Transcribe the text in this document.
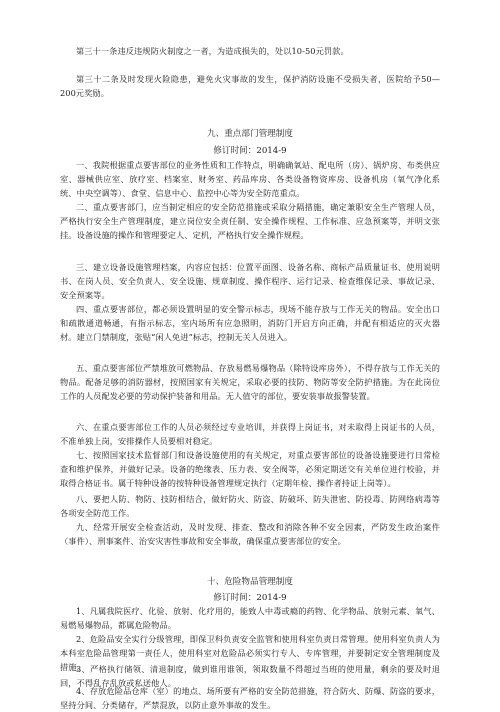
第三十一条违反违规防火制度之一者，为造成损失的，处以10-50元罚款。

第三十二条及时发现火险隐患，避免火灾事故的发生，保护消防设施不受损失者，医院给予50—200元奖励。

九、重点部门管理制度

修订时间：2014-9

一、我院根据重点要害部位的业务性质和工作特点，明确确氧站、配电所（房）、锅炉房、布类供应室、器械供应室、放疗室、档案室、财务室、药品库房、各类设备物资库房、设备机房（氧气净化系统、中央空调等）、食堂、信息中心、监控中心等为安全防范重点。

二、重点要害部门，应当制定相应的安全防范措施或采取分隔措施，确定兼职安全生产管理人员，严格执行安全生产管理制度，建立岗位安全责任制、安全操作规程、工作标准、应急预案等，并明文张挂。设备设施的操作和管理要定人、定机，严格执行安全操作规程。

三、建立设备设施管理档案，内容应包括：位置平面图、设备名称、商标产品质量证书、使用说明书、在岗人员、安全负责人、安全设施、规章制度、操作程序、运行记录、检查维保记录、事故记录、安全预案等。

四、重点要害部位，都必须设置明显的安全警示标志，现场不能存放与工作无关的物品。安全出口和疏散通道畅通，有指示标志，室内场所有应急照明，消防门开启方向正确，并配有相适应的灭火器材。建立门禁制度，张贴“闲人免进”标志，控制无关人员进入。

五、重点要害部位严禁堆放可燃物品、存放易燃易爆物品（除特设库房外），不得存放与工作无关的物品。配备足够的消防器材，按照国家有关规定，采取必要的技防、物防等安全防护措施。为在此岗位工作的人员配发必要的劳动保护装备和用品。无人值守的部位，要安装事故报警装置。

六、在重点要害部位工作的人员必须经过专业培训，并获得上岗证书，对未取得上岗证书的人员，不准单独上岗，安排操作人员要相对稳定。

七、按照国家技术监督部门和设备设施使用的有关规定，对重点要害部位的设备设施要进行日常检查和维护保养，并做好记录。设备的绝缘表、压力表、安全阀等，必须定期送交有关单位进行校验，并取得合格证书。属于特种设备的按特种设备管理规定执行（定期年检、操作者持证上岗等）。

八、要把人防、物防、技防相结合，做好防火、防盗、防破坏、防失泄密、防投毒、防网络病毒等各项安全防范工作。

九、经常开展安全检查活动，及时发现、排查、整改和消除各种不安全因素，严防发生政治案件（事件）、刑事案件、治安灾害性事故和安全事故，确保重点要害部位的安全。

十、危险物品管理制度

修订时间：2014-9

1、凡属我院医疗、化验、放射、化疗用的，能致人中毒或瘾的药物、化学物品、放射元素、氧气、易燃易爆物品，都属危险物品。

2、危险品安全实行分级管理，即保卫科负责安全监管和使用科室负责日常管理。使用科室负责人为本科室危险品管理第一责任人，使用科室对危险品必须实行专人、专库管理，并要制定安全管理制度及措施。

3、严格执行储领、清退制度，做到谁用谁领，领取数量不得超过当班的使用量，剩余的要及时退回，不得乱存乱放或私送他人。

4、存放危险品仓库（室）的地点、场所要有严格的安全防范措施，符合防火、防爆、防盗的要求，坚持分间、分类储存，严禁混放，以防止意外事故的发生。
